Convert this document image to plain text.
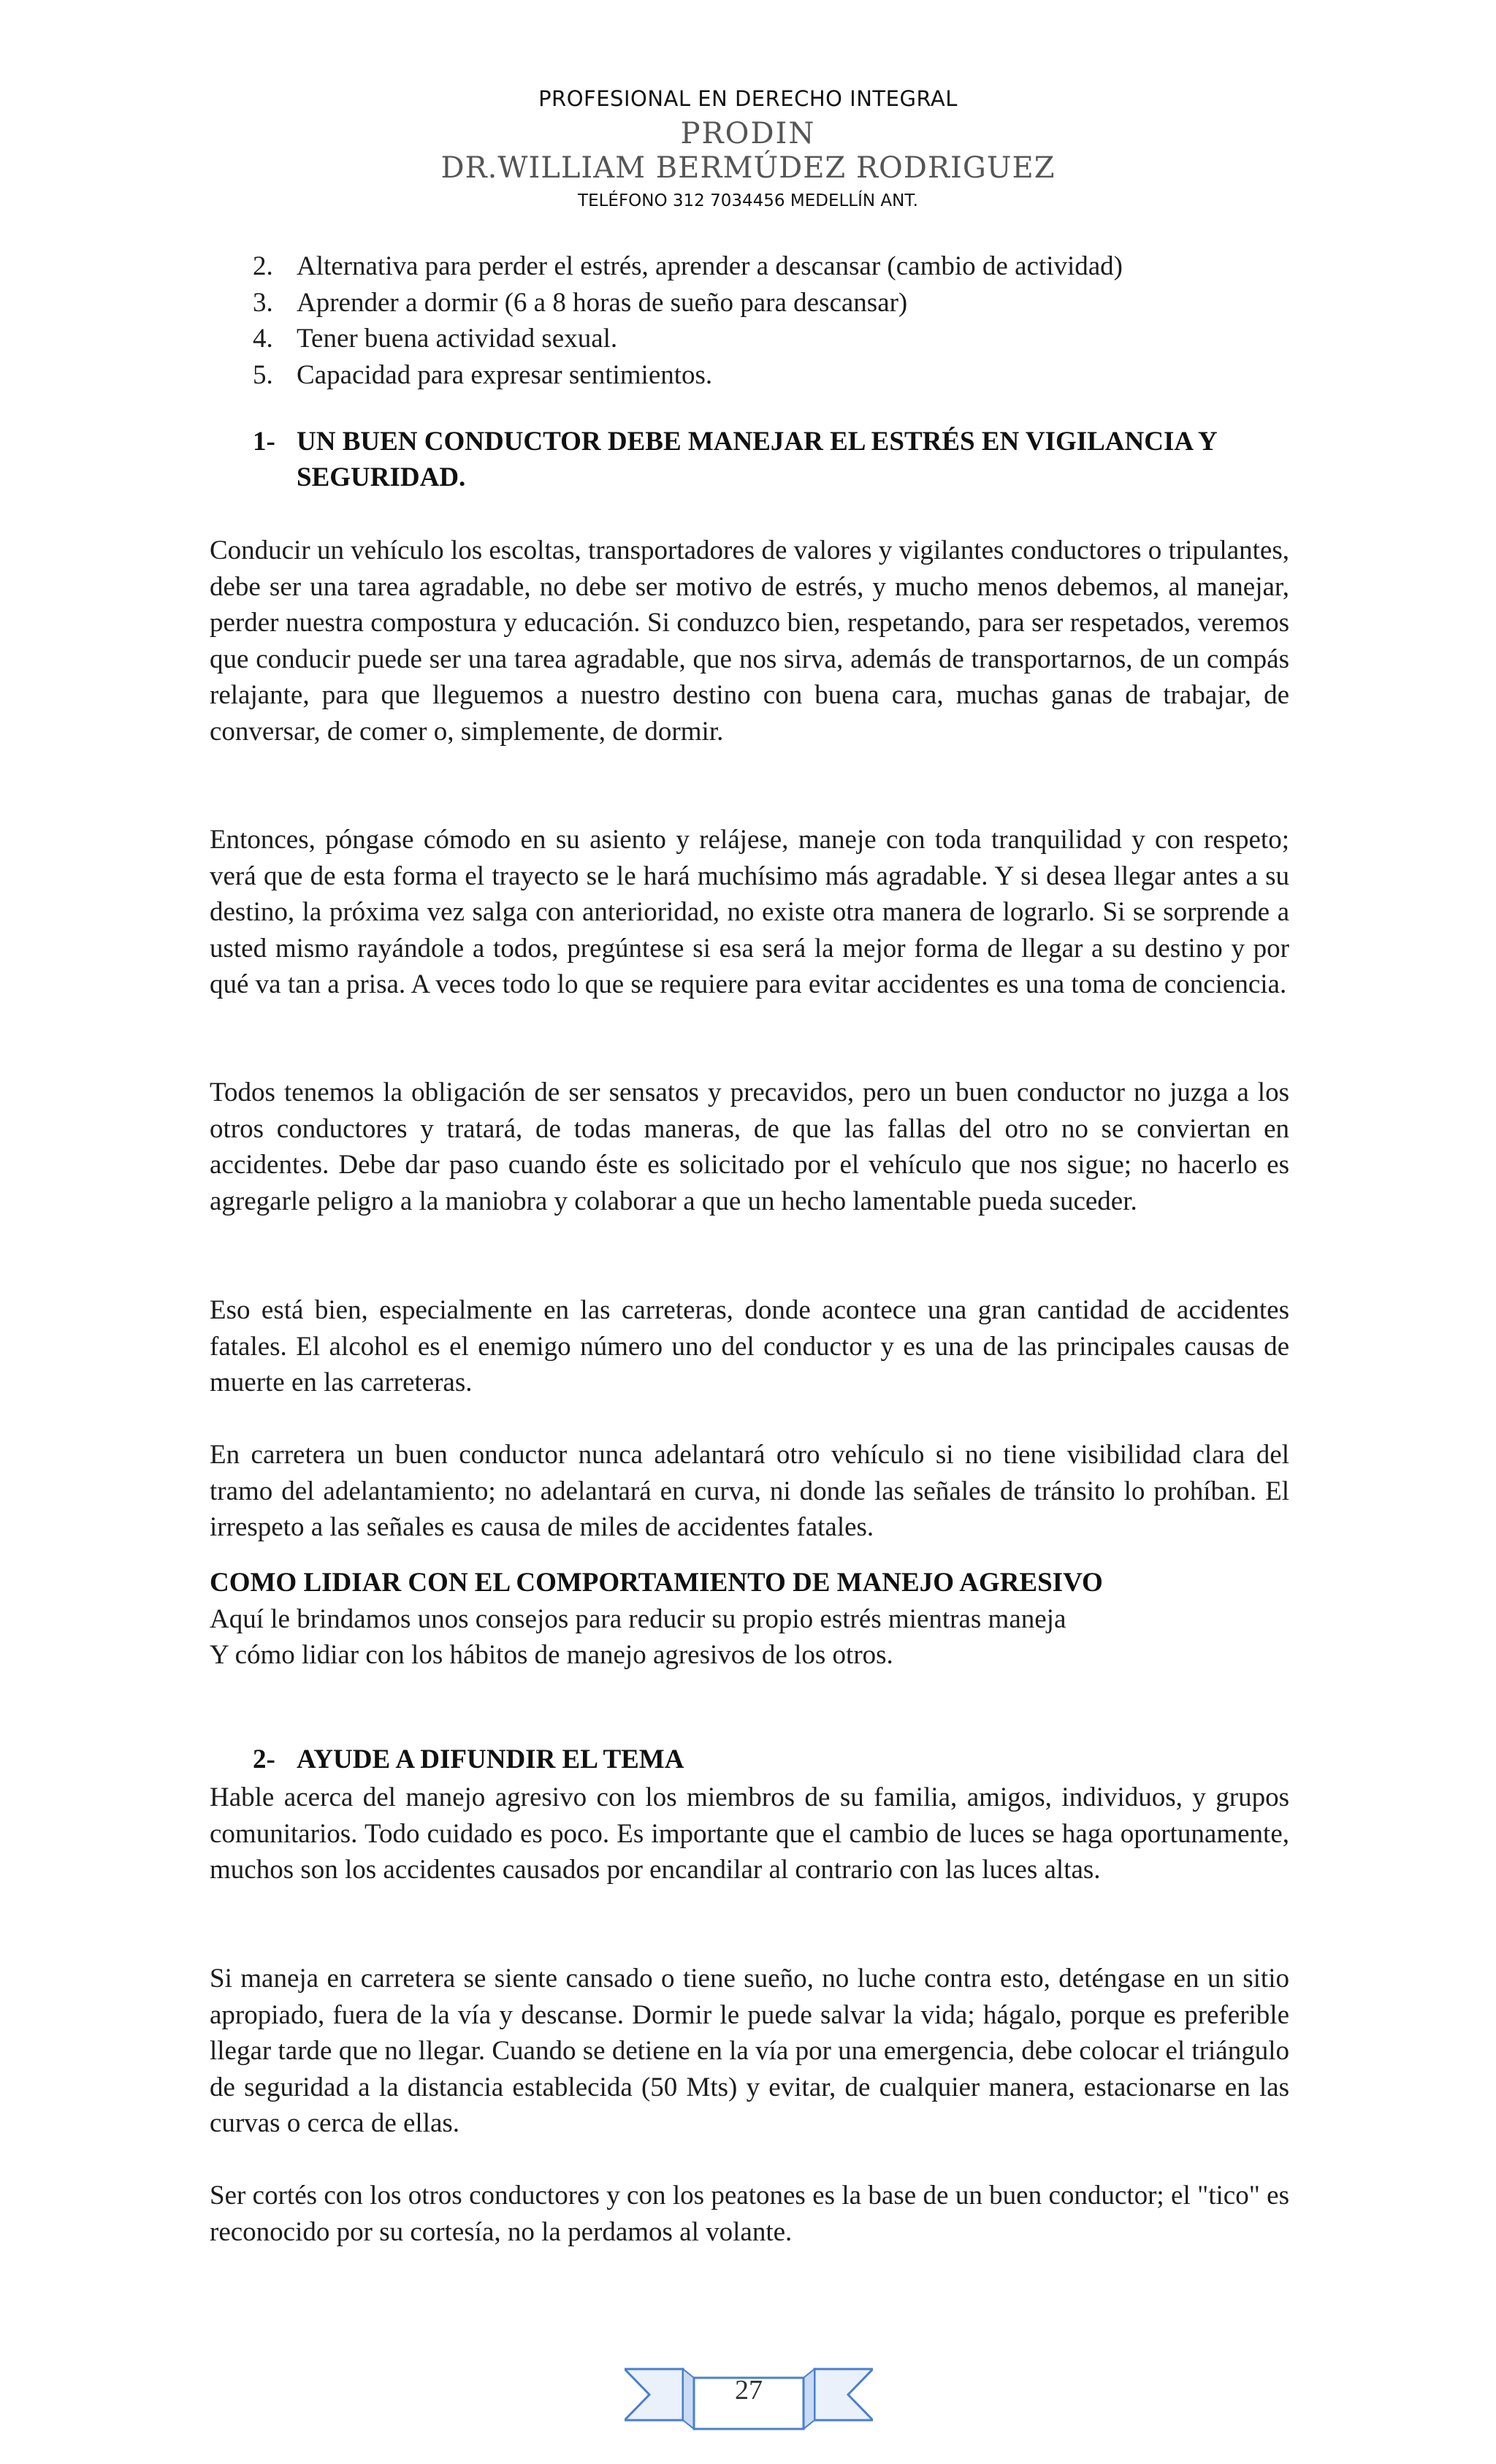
PROFESIONAL EN DERECHO INTEGRAL
PRODIN
DR.WILLIAM BERMÚDEZ RODRIGUEZ
TELÉFONO 312 7034456 MEDELLÍN ANT.
2. Alternativa para perder el estrés, aprender a descansar (cambio de actividad)
3. Aprender a dormir (6 a 8 horas de sueño para descansar)
4. Tener buena actividad sexual.
5. Capacidad para expresar sentimientos.
1- UN BUEN CONDUCTOR DEBE MANEJAR EL ESTRÉS EN VIGILANCIA Y SEGURIDAD.

Conducir un vehículo los escoltas, transportadores de valores y vigilantes conductores o tripulantes, debe ser una tarea agradable, no debe ser motivo de estrés, y mucho menos debemos, al manejar, perder nuestra compostura y educación. Si conduzco bien, respetando, para ser respetados, veremos que conducir puede ser una tarea agradable, que nos sirva, además de transportarnos, de un compás relajante, para que lleguemos a nuestro destino con buena cara, muchas ganas de trabajar, de conversar, de comer o, simplemente, de dormir.

Entonces, póngase cómodo en su asiento y relájese, maneje con toda tranquilidad y con respeto; verá que de esta forma el trayecto se le hará muchísimo más agradable. Y si desea llegar antes a su destino, la próxima vez salga con anterioridad, no existe otra manera de lograrlo. Si se sorprende a usted mismo rayándole a todos, pregúntese si esa será la mejor forma de llegar a su destino y por qué va tan a prisa. A veces todo lo que se requiere para evitar accidentes es una toma de conciencia.

Todos tenemos la obligación de ser sensatos y precavidos, pero un buen conductor no juzga a los otros conductores y tratará, de todas maneras, de que las fallas del otro no se conviertan en accidentes. Debe dar paso cuando éste es solicitado por el vehículo que nos sigue; no hacerlo es agregarle peligro a la maniobra y colaborar a que un hecho lamentable pueda suceder.

Eso está bien, especialmente en las carreteras, donde acontece una gran cantidad de accidentes fatales. El alcohol es el enemigo número uno del conductor y es una de las principales causas de muerte en las carreteras.

En carretera un buen conductor nunca adelantará otro vehículo si no tiene visibilidad clara del tramo del adelantamiento; no adelantará en curva, ni donde las señales de tránsito lo prohíban. El irrespeto a las señales es causa de miles de accidentes fatales.

COMO LIDIAR CON EL COMPORTAMIENTO DE MANEJO AGRESIVO
Aquí le brindamos unos consejos para reducir su propio estrés mientras maneja
Y cómo lidiar con los hábitos de manejo agresivos de los otros.
2- AYUDE A DIFUNDIR EL TEMA

Hable acerca del manejo agresivo con los miembros de su familia, amigos, individuos, y grupos comunitarios. Todo cuidado es poco. Es importante que el cambio de luces se haga oportunamente, muchos son los accidentes causados por encandilar al contrario con las luces altas.

Si maneja en carretera se siente cansado o tiene sueño, no luche contra esto, deténgase en un sitio apropiado, fuera de la vía y descanse. Dormir le puede salvar la vida; hágalo, porque es preferible llegar tarde que no llegar. Cuando se detiene en la vía por una emergencia, debe colocar el triángulo de seguridad a la distancia establecida (50 Mts) y evitar, de cualquier manera, estacionarse en las curvas o cerca de ellas.

Ser cortés con los otros conductores y con los peatones es la base de un buen conductor; el "tico" es reconocido por su cortesía, no la perdamos al volante.

27
